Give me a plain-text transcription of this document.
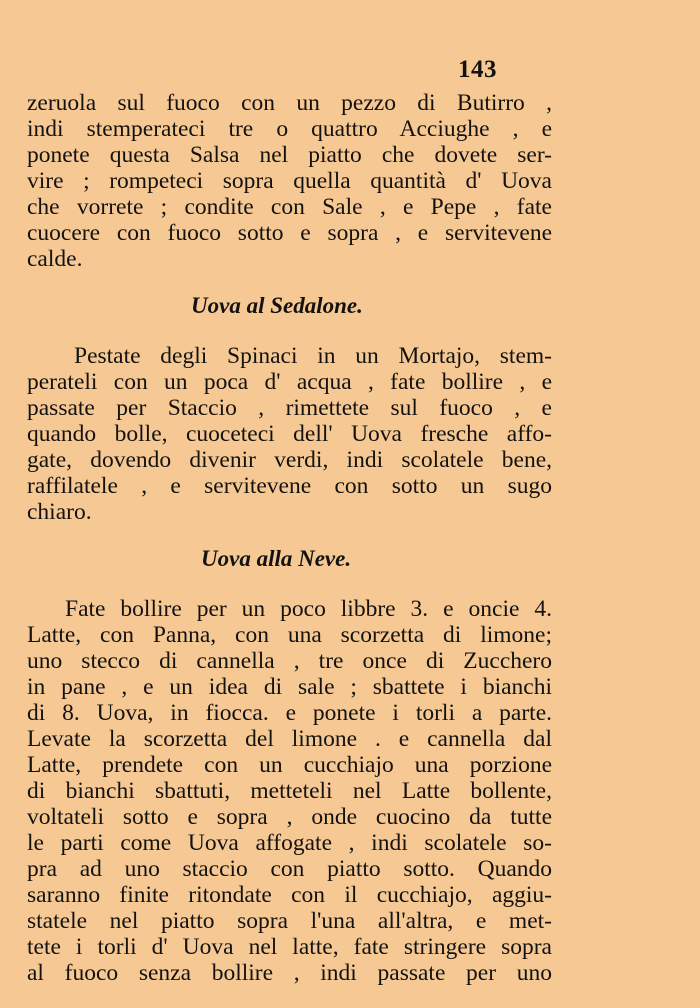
143
zeruola sul fuoco con un pezzo di Butirro ,
indi stemperateci tre o quattro Acciughe , e
ponete questa Salsa nel piatto che dovete ser-
vire ; rompeteci sopra quella quantità d' Uova
che vorrete ; condite con Sale , e Pepe , fate
cuocere con fuoco sotto e sopra , e servitevene
calde.
Uova al Sedalone.
Pestate degli Spinaci in un Mortajo, stem-
perateli con un poca d' acqua , fate bollire , e
passate per Staccio , rimettete sul fuoco , e
quando bolle, cuoceteci dell' Uova fresche affo-
gate, dovendo divenir verdi, indi scolatele bene,
raffilatele , e servitevene con sotto un sugo
chiaro.
Uova alla Neve.
Fate bollire per un poco libbre 3. e oncie 4.
Latte, con Panna, con una scorzetta di limone;
uno stecco di cannella , tre once di Zucchero
in pane , e un idea di sale ; sbattete i bianchi
di 8. Uova, in fiocca. e ponete i torli a parte.
Levate la scorzetta del limone . e cannella dal
Latte, prendete con un cucchiajo una porzione
di bianchi sbattuti, metteteli nel Latte bollente,
voltateli sotto e sopra , onde cuocino da tutte
le parti come Uova affogate , indi scolatele so-
pra ad uno staccio con piatto sotto. Quando
saranno finite ritondate con il cucchiajo, aggiu-
statele nel piatto sopra l'una all'altra, e met-
tete i torli d' Uova nel latte, fate stringere sopra
al fuoco senza bollire , indi passate per uno
